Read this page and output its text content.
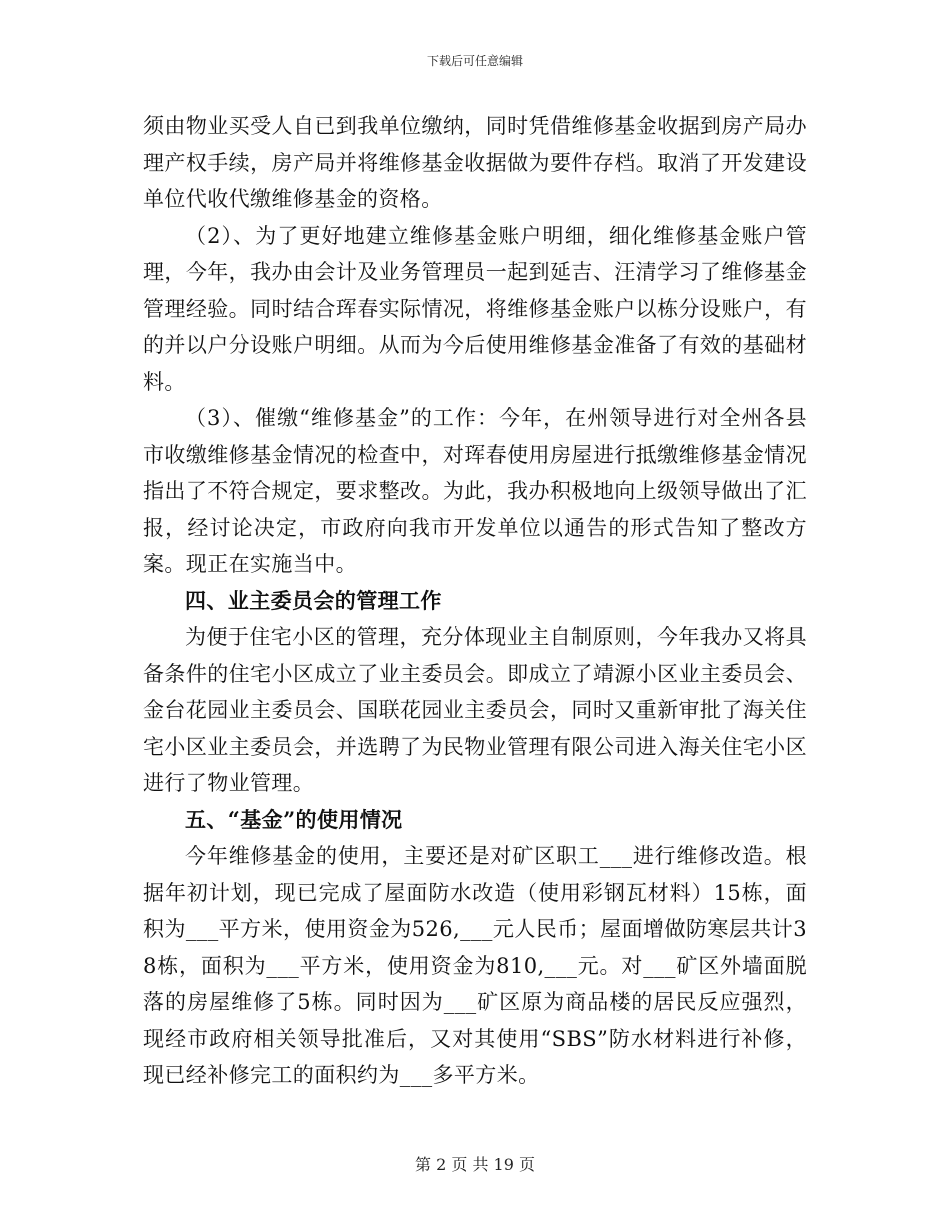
下载后可任意编辑

须由物业买受人自已到我单位缴纳，同时凭借维修基金收据到房产局办理产权手续，房产局并将维修基金收据做为要件存档。取消了开发建设单位代收代缴维修基金的资格。

（2）、为了更好地建立维修基金账户明细，细化维修基金账户管理，今年，我办由会计及业务管理员一起到延吉、汪清学习了维修基金管理经验。同时结合珲春实际情况，将维修基金账户以栋分设账户，有的并以户分设账户明细。从而为今后使用维修基金准备了有效的基础材料。

（3）、催缴“维修基金”的工作：今年，在州领导进行对全州各县市收缴维修基金情况的检查中，对珲春使用房屋进行抵缴维修基金情况指出了不符合规定，要求整改。为此，我办积极地向上级领导做出了汇报，经讨论决定，市政府向我市开发单位以通告的形式告知了整改方案。现正在实施当中。

四、业主委员会的管理工作

为便于住宅小区的管理，充分体现业主自制原则，今年我办又将具备条件的住宅小区成立了业主委员会。即成立了靖源小区业主委员会、金台花园业主委员会、国联花园业主委员会，同时又重新审批了海关住宅小区业主委员会，并选聘了为民物业管理有限公司进入海关住宅小区进行了物业管理。

五、“基金”的使用情况

今年维修基金的使用，主要还是对矿区职工___进行维修改造。根据年初计划，现已完成了屋面防水改造（使用彩钢瓦材料）15栋，面积为___平方米，使用资金为526,___元人民币；屋面增做防寒层共计38栋，面积为___平方米，使用资金为810,___元。对___矿区外墙面脱落的房屋维修了5栋。同时因为___矿区原为商品楼的居民反应强烈，现经市政府相关领导批准后，又对其使用“SBS”防水材料进行补修，现已经补修完工的面积约为___多平方米。

第 2 页 共 19 页
